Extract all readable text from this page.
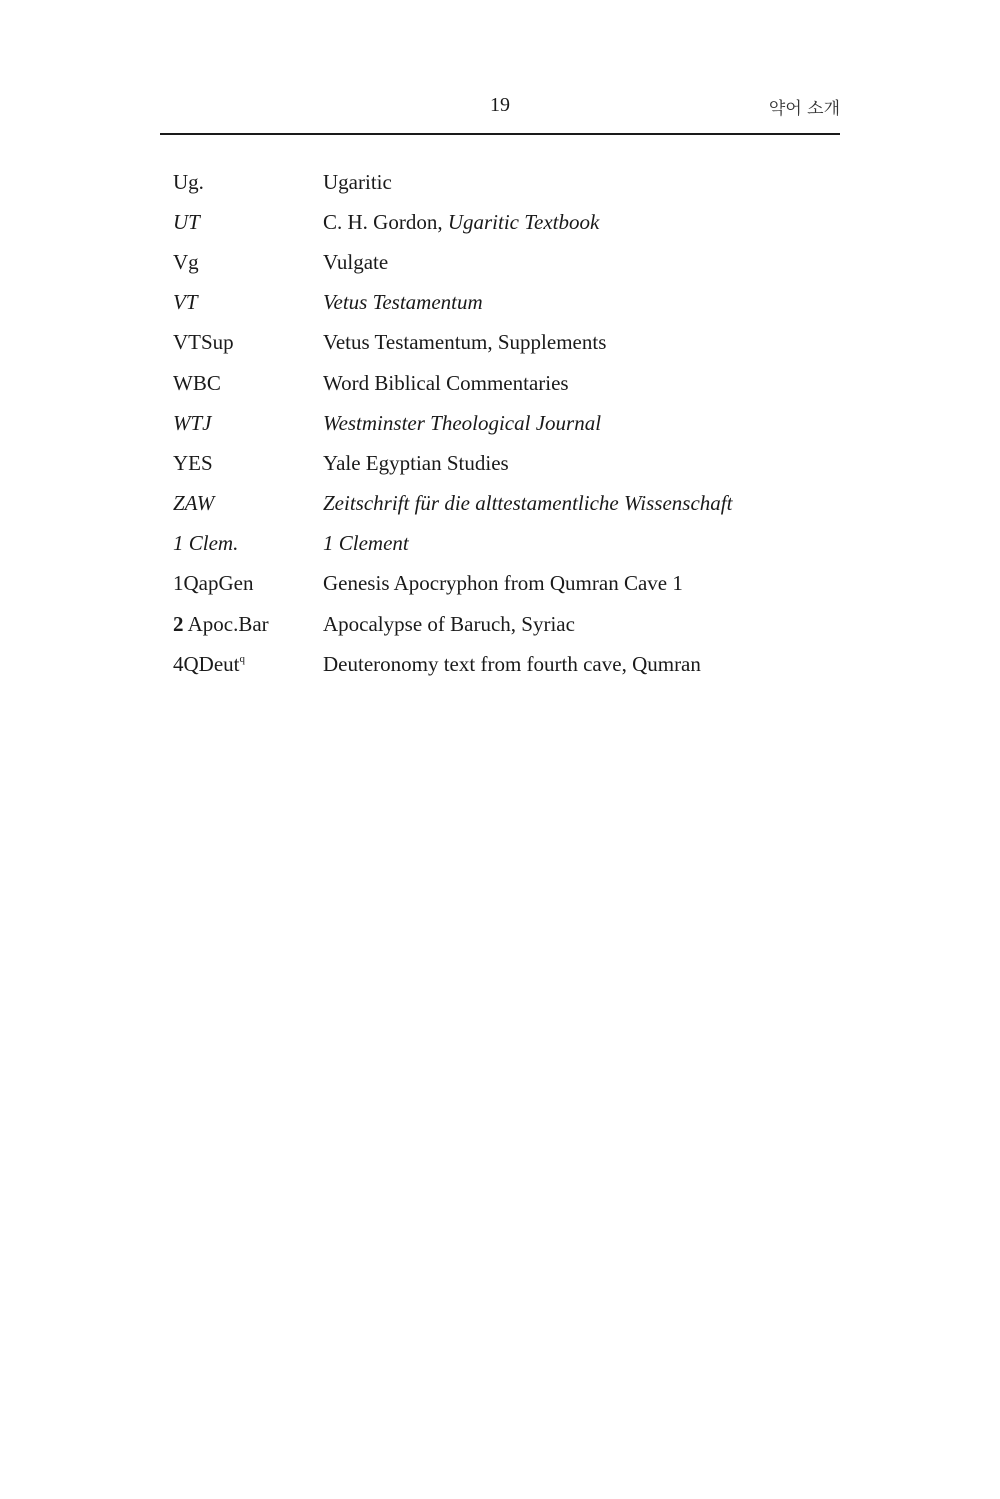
19	약어 소개
Ug.	Ugaritic
UT	C. H. Gordon, Ugaritic Textbook
Vg	Vulgate
VT	Vetus Testamentum
VTSup	Vetus Testamentum, Supplements
WBC	Word Biblical Commentaries
WTJ	Westminster Theological Journal
YES	Yale Egyptian Studies
ZAW	Zeitschrift für die alttestamentliche Wissenschaft
1 Clem.	1 Clement
1QapGen	Genesis Apocryphon from Qumran Cave 1
2 Apoc.Bar	Apocalypse of Baruch, Syriac
4QDeut$^q$	Deuteronomy text from fourth cave, Qumran
